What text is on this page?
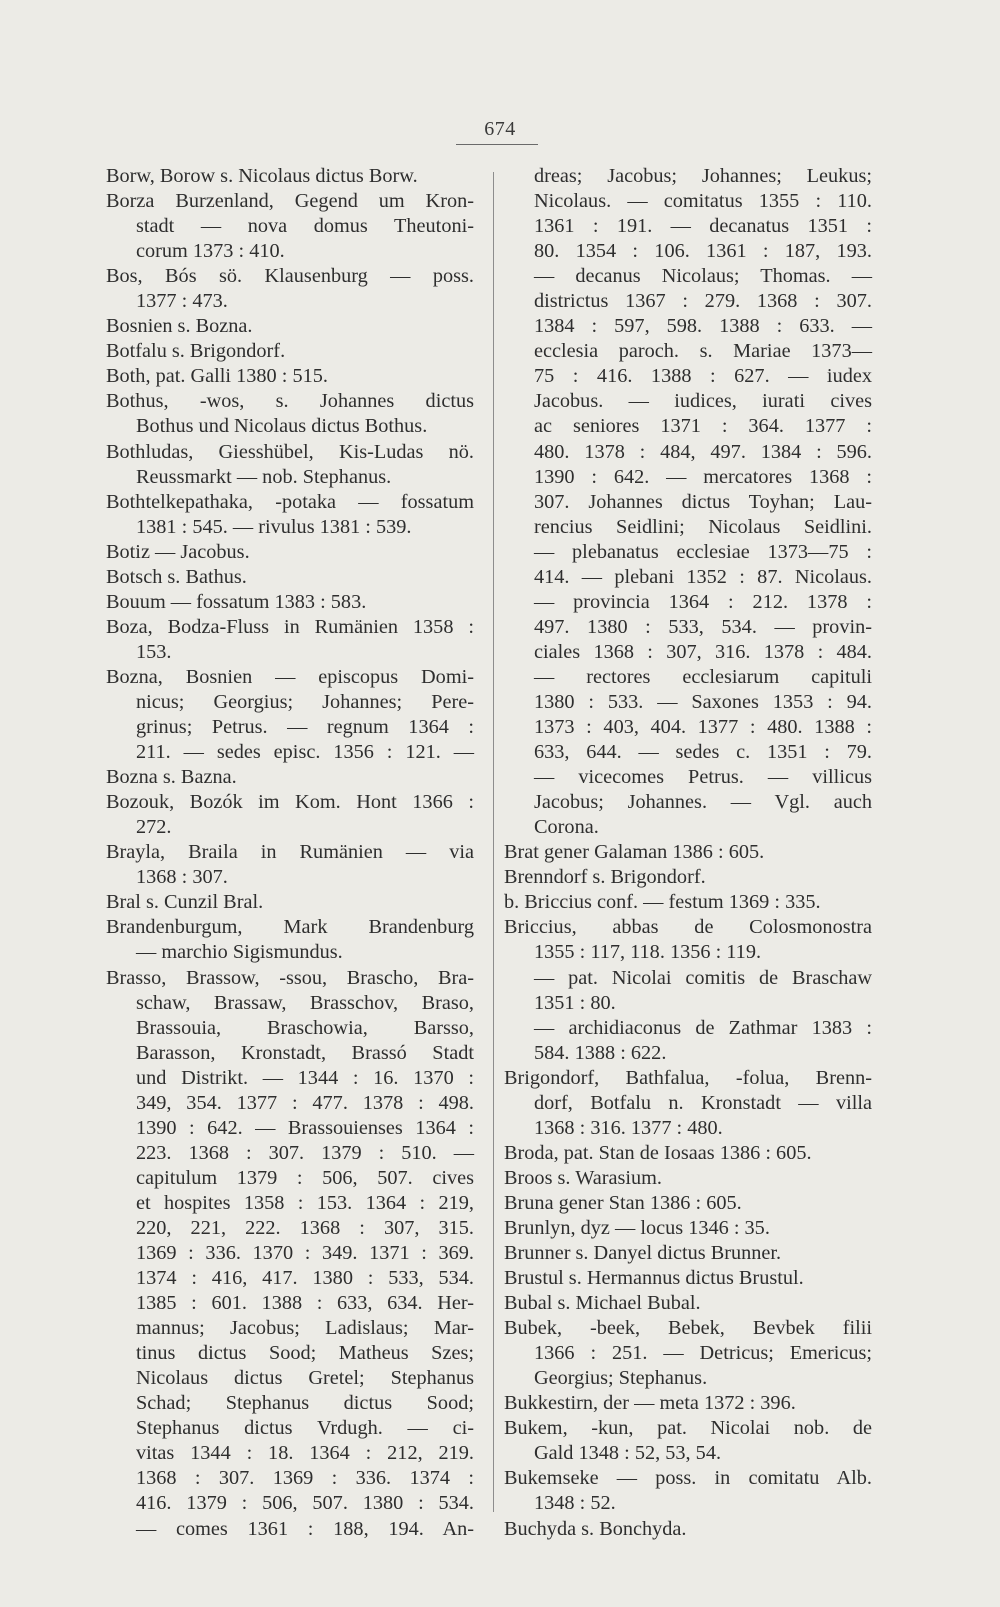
674
Borw, Borow s. Nicolaus dictus Borw.
Borza Burzenland, Gegend um Kron-
stadt — nova domus Theutoni-
corum 1373 : 410.
Bos, Bós sö. Klausenburg — poss.
1377 : 473.
Bosnien s. Bozna.
Botfalu s. Brigondorf.
Both, pat. Galli 1380 : 515.
Bothus, -wos, s. Johannes dictus
Bothus und Nicolaus dictus Bothus.
Bothludas, Giesshübel, Kis-Ludas nö.
Reussmarkt — nob. Stephanus.
Bothtelkepathaka, -potaka — fossatum
1381 : 545. — rivulus 1381 : 539.
Botiz — Jacobus.
Botsch s. Bathus.
Bouum — fossatum 1383 : 583.
Boza, Bodza-Fluss in Rumänien 1358 :
153.
Bozna, Bosnien — episcopus Domi-
nicus; Georgius; Johannes; Pere-
grinus; Petrus. — regnum 1364 :
211. — sedes episc. 1356 : 121. —
Bozna s. Bazna.
Bozouk, Bozók im Kom. Hont 1366 :
272.
Brayla, Braila in Rumänien — via
1368 : 307.
Bral s. Cunzil Bral.
Brandenburgum, Mark Brandenburg
— marchio Sigismundus.
Brasso, Brassow, -ssou, Brascho, Bra-
schaw, Brassaw, Brasschov, Braso,
Brassouia, Braschowia, Barsso,
Barasson, Kronstadt, Brassó Stadt
und Distrikt. — 1344 : 16. 1370 :
349, 354. 1377 : 477. 1378 : 498.
1390 : 642. — Brassouienses 1364 :
223. 1368 : 307. 1379 : 510. —
capitulum 1379 : 506, 507. cives
et hospites 1358 : 153. 1364 : 219,
220, 221, 222. 1368 : 307, 315.
1369 : 336. 1370 : 349. 1371 : 369.
1374 : 416, 417. 1380 : 533, 534.
1385 : 601. 1388 : 633, 634. Her-
mannus; Jacobus; Ladislaus; Mar-
tinus dictus Sood; Matheus Szes;
Nicolaus dictus Gretel; Stephanus
Schad; Stephanus dictus Sood;
Stephanus dictus Vrdugh. — ci-
vitas 1344 : 18. 1364 : 212, 219.
1368 : 307. 1369 : 336. 1374 :
416. 1379 : 506, 507. 1380 : 534.
— comes 1361 : 188, 194. An-
dreas; Jacobus; Johannes; Leukus;
Nicolaus. — comitatus 1355 : 110.
1361 : 191. — decanatus 1351 :
80. 1354 : 106. 1361 : 187, 193.
— decanus Nicolaus; Thomas. —
districtus 1367 : 279. 1368 : 307.
1384 : 597, 598. 1388 : 633. —
ecclesia paroch. s. Mariae 1373—
75 : 416. 1388 : 627. — iudex
Jacobus. — iudices, iurati cives
ac seniores 1371 : 364. 1377 :
480. 1378 : 484, 497. 1384 : 596.
1390 : 642. — mercatores 1368 :
307. Johannes dictus Toyhan; Lau-
rencius Seidlini; Nicolaus Seidlini.
— plebanatus ecclesiae 1373—75 :
414. — plebani 1352 : 87. Nicolaus.
— provincia 1364 : 212. 1378 :
497. 1380 : 533, 534. — provin-
ciales 1368 : 307, 316. 1378 : 484.
— rectores ecclesiarum capituli
1380 : 533. — Saxones 1353 : 94.
1373 : 403, 404. 1377 : 480. 1388 :
633, 644. — sedes c. 1351 : 79.
— vicecomes Petrus. — villicus
Jacobus; Johannes. — Vgl. auch
Corona.
Brat gener Galaman 1386 : 605.
Brenndorf s. Brigondorf.
b. Briccius conf. — festum 1369 : 335.
Briccius, abbas de Colosmonostra
1355 : 117, 118. 1356 : 119.
— pat. Nicolai comitis de Braschaw
1351 : 80.
— archidiaconus de Zathmar 1383 :
584. 1388 : 622.
Brigondorf, Bathfalua, -folua, Brenn-
dorf, Botfalu n. Kronstadt — villa
1368 : 316. 1377 : 480.
Broda, pat. Stan de Iosaas 1386 : 605.
Broos s. Warasium.
Bruna gener Stan 1386 : 605.
Brunlyn, dyz — locus 1346 : 35.
Brunner s. Danyel dictus Brunner.
Brustul s. Hermannus dictus Brustul.
Bubal s. Michael Bubal.
Bubek, -beek, Bebek, Bevbek filii
1366 : 251. — Detricus; Emericus;
Georgius; Stephanus.
Bukkestirn, der — meta 1372 : 396.
Bukem, -kun, pat. Nicolai nob. de
Gald 1348 : 52, 53, 54.
Bukemseke — poss. in comitatu Alb.
1348 : 52.
Buchyda s. Bonchyda.
